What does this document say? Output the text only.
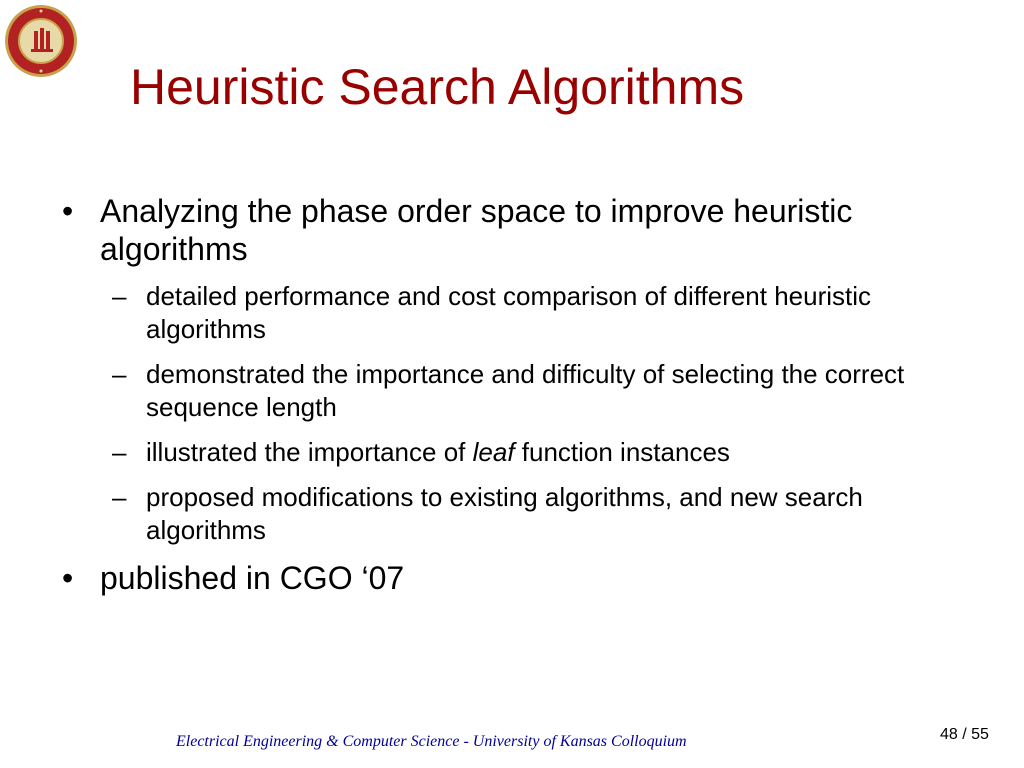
Heuristic Search Algorithms
• Analyzing the phase order space to improve heuristic algorithms
– detailed performance and cost comparison of different heuristic algorithms
– demonstrated the importance and difficulty of selecting the correct sequence length
– illustrated the importance of leaf function instances
– proposed modifications to existing algorithms, and new search algorithms
• published in CGO ‘07
Electrical Engineering & Computer Science - University of Kansas Colloquium	48 / 55
